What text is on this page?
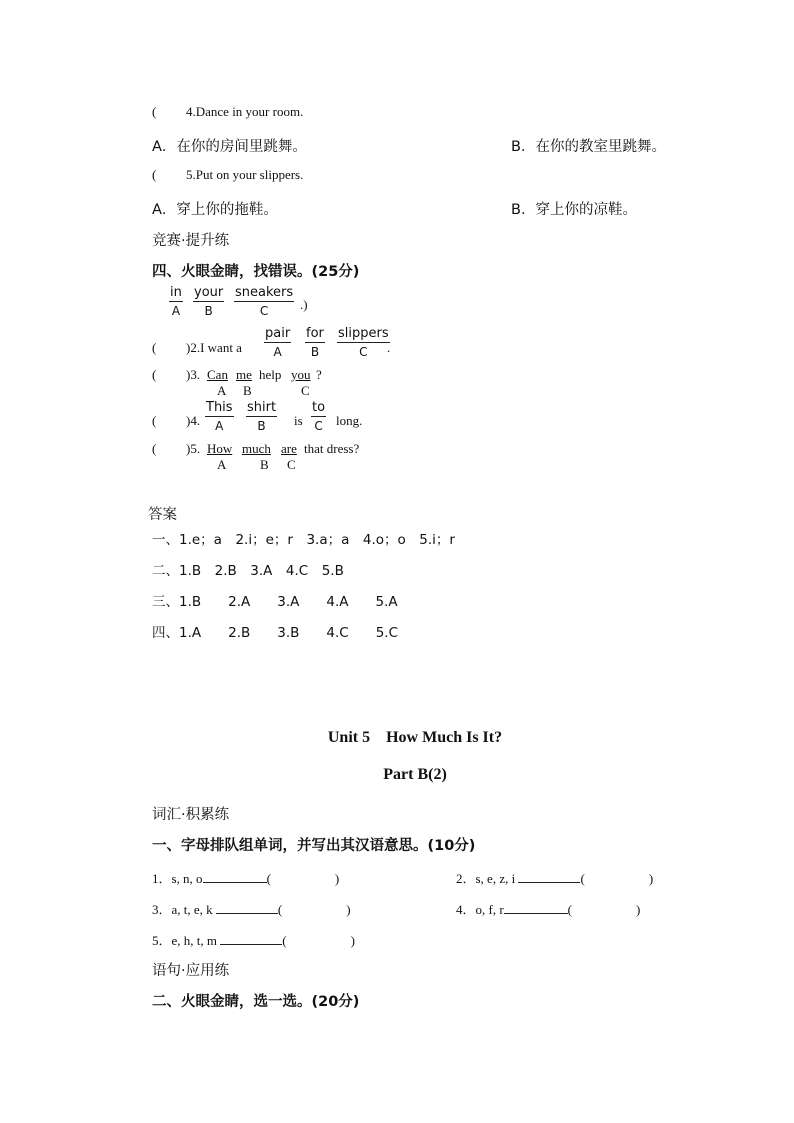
( 4.Dance in your room.
A．在你的房间里跳舞。	B．在你的教室里跳舞。
( 5.Put on your slippers.
A．穿上你的拖鞋。	B．穿上你的凉鞋。
竞赛·提升练
四、火眼金睛，找错误。(25分)
in
A
your
B
sneakers
C	.)
( )2.I want a
pair
A
for
B
slippers
C	.
( )3. Can
A
me
B
help you
C
?
( )4.
This
A
shirt
B	is
to
C long.
( )5. How
A
much
B
are
C
that dress?
答案
一、1.e；a　2.i；e；r　3.a；a　4.o；o　5.i；r
二、1.B　2.B　3.A　4.C　5.B
三、1.B　　2.A　　3.A　　4.A　　5.A
四、1.A　　2.B　　3.B　　4.C　　5.C
Unit 5　How Much Is It?
Part B(2)
词汇·积累练
一、字母排队组单词，并写出其汉语意思。(10分)
1．s, n, o	(	)	2．s, e, z, i	(	)
3．a, t, e, k	(	)	4．o, f, r	(	)
5．e, h, t, m	(	)
语句·应用练
二、火眼金睛，选一选。(20分)
